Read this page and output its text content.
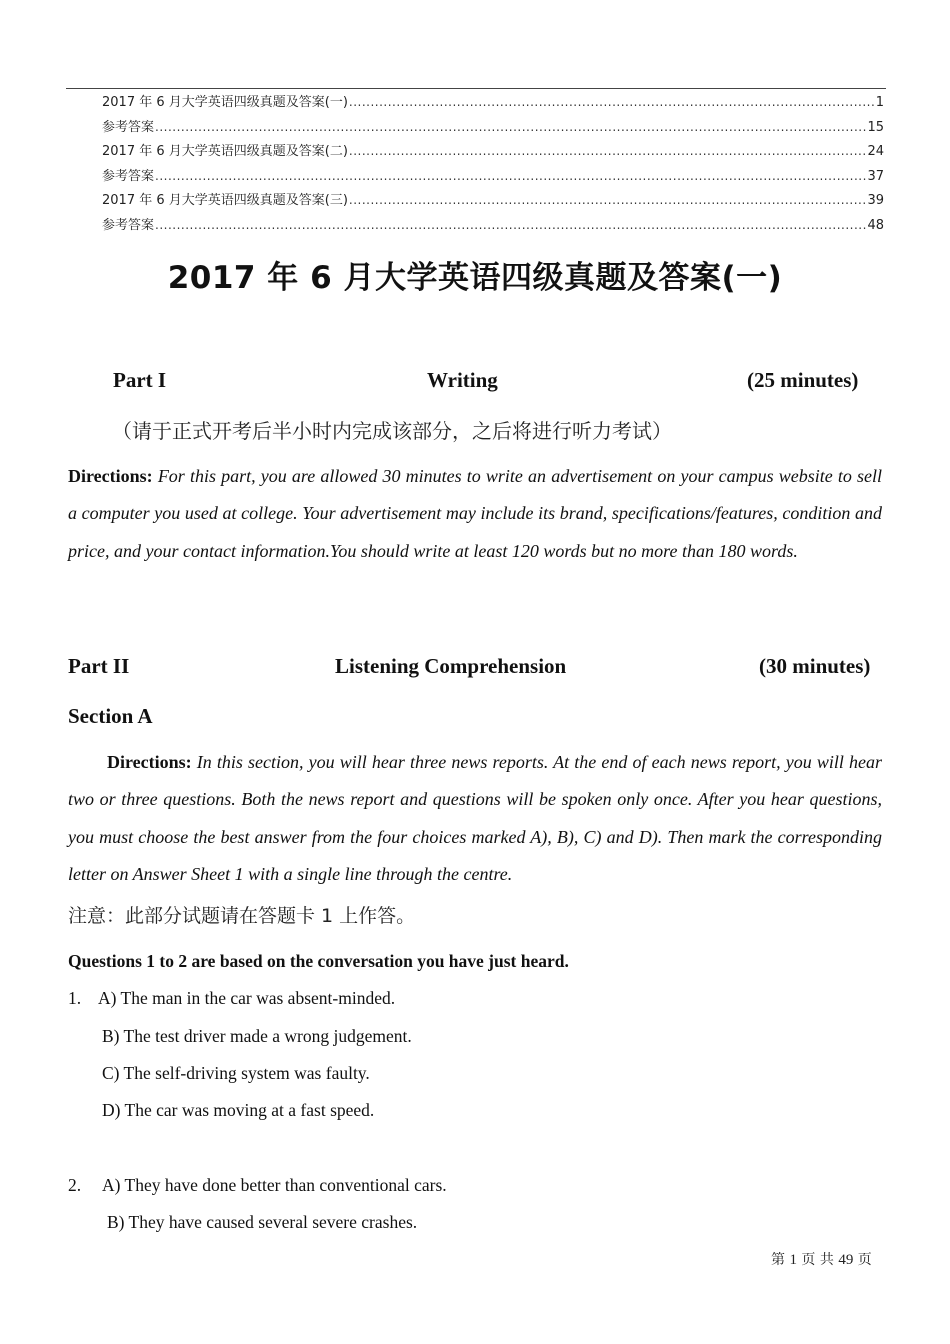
2017 年 6 月大学英语四级真题及答案(一) .....	1
参考答案 .....	15
2017 年 6 月大学英语四级真题及答案(二) .....	24
参考答案 .....	37
2017 年 6 月大学英语四级真题及答案(三) .....	39
参考答案 .....	48
2017 年 6 月大学英语四级真题及答案(一)
Part I	Writing	(25 minutes)
（请于正式开考后半小时内完成该部分，之后将进行听力考试）
Directions: For this part, you are allowed 30 minutes to write an advertisement on your campus website to sell a computer you used at college. Your advertisement may include its brand, specifications/features, condition and price, and your contact information.You should write at least 120 words but no more than 180 words.
Part II	Listening Comprehension	(30 minutes)
Section A
Directions: In this section, you will hear three news reports. At the end of each news report, you will hear two or three questions. Both the news report and questions will be spoken only once. After you hear questions, you must choose the best answer from the four choices marked A), B), C) and D). Then mark the corresponding letter on Answer Sheet 1 with a single line through the centre.
注意：此部分试题请在答题卡 1 上作答。
Questions 1 to 2 are based on the conversation you have just heard.
1. A) The man in the car was absent-minded.
B) The test driver made a wrong judgement.
C) The self-driving system was faulty.
D) The car was moving at a fast speed.
2. A) They have done better than conventional cars.
B) They have caused several severe crashes.
第 1 页 共 49 页
